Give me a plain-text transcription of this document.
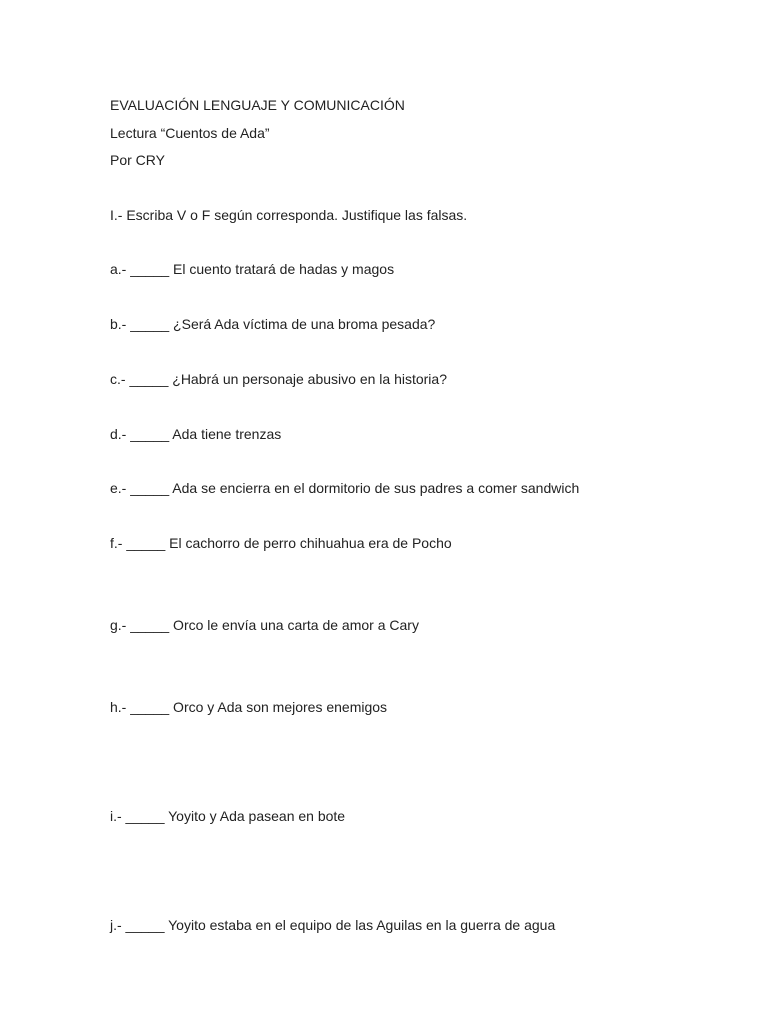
EVALUACIÓN LENGUAJE Y COMUNICACIÓN
Lectura “Cuentos de Ada”
Por CRY
I.- Escriba V o F según corresponda. Justifique las falsas.
a.- _____ El cuento tratará de hadas y magos
b.- _____ ¿Será Ada víctima de una broma pesada?
c.- _____ ¿Habrá un personaje abusivo en la historia?
d.- _____ Ada tiene trenzas
e.- _____ Ada se encierra en el dormitorio de sus padres a comer sandwich
f.- _____ El cachorro de perro chihuahua era de Pocho
g.- _____ Orco le envía una carta de amor a Cary
h.- _____ Orco y Ada son mejores enemigos
i.- _____ Yoyito y Ada pasean en bote
j.- _____ Yoyito estaba en el equipo de las Aguilas en la guerra de agua
